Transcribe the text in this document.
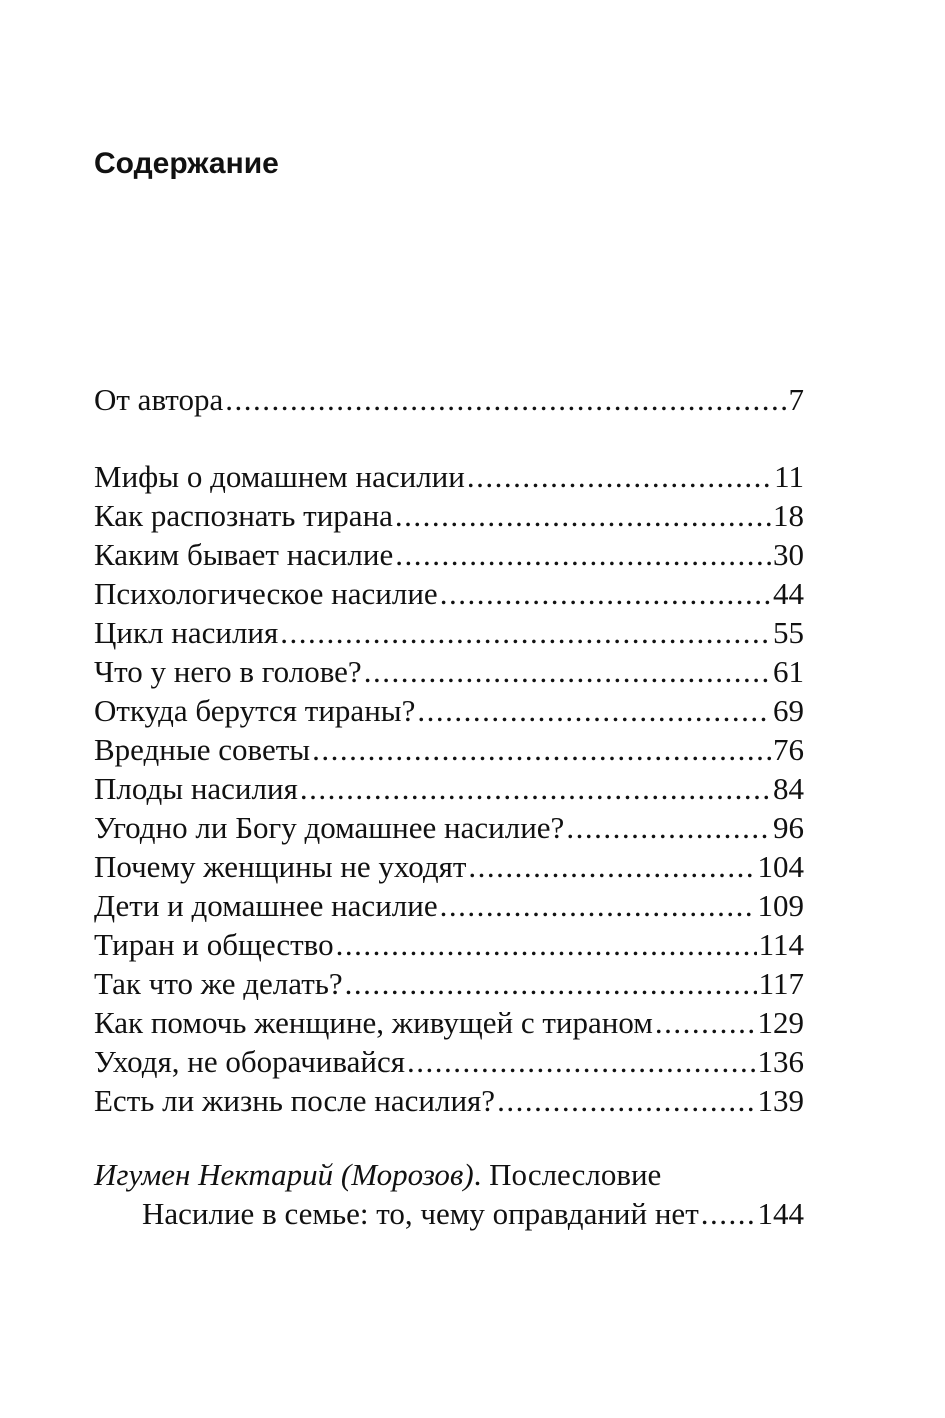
Содержание
От автора .....	7
Мифы о домашнем насилии .....	11
Как распознать тирана .....	18
Каким бывает насилие .....	30
Психологическое насилие .....	44
Цикл насилия .....	55
Что у него в голове? .....	61
Откуда берутся тираны? .....	69
Вредные советы .....	76
Плоды насилия .....	84
Угодно ли Богу домашнее насилие? .....	96
Почему женщины не уходят .....	104
Дети и домашнее насилие .....	109
Тиран и общество .....	114
Так что же делать? .....	117
Как помочь женщине, живущей с тираном .....	129
Уходя, не оборачивайся .....	136
Есть ли жизнь после насилия? .....	139
Игумен Нектарий (Морозов). Послесловие
Насилие в семье: то, чему оправданий нет ..... 144
